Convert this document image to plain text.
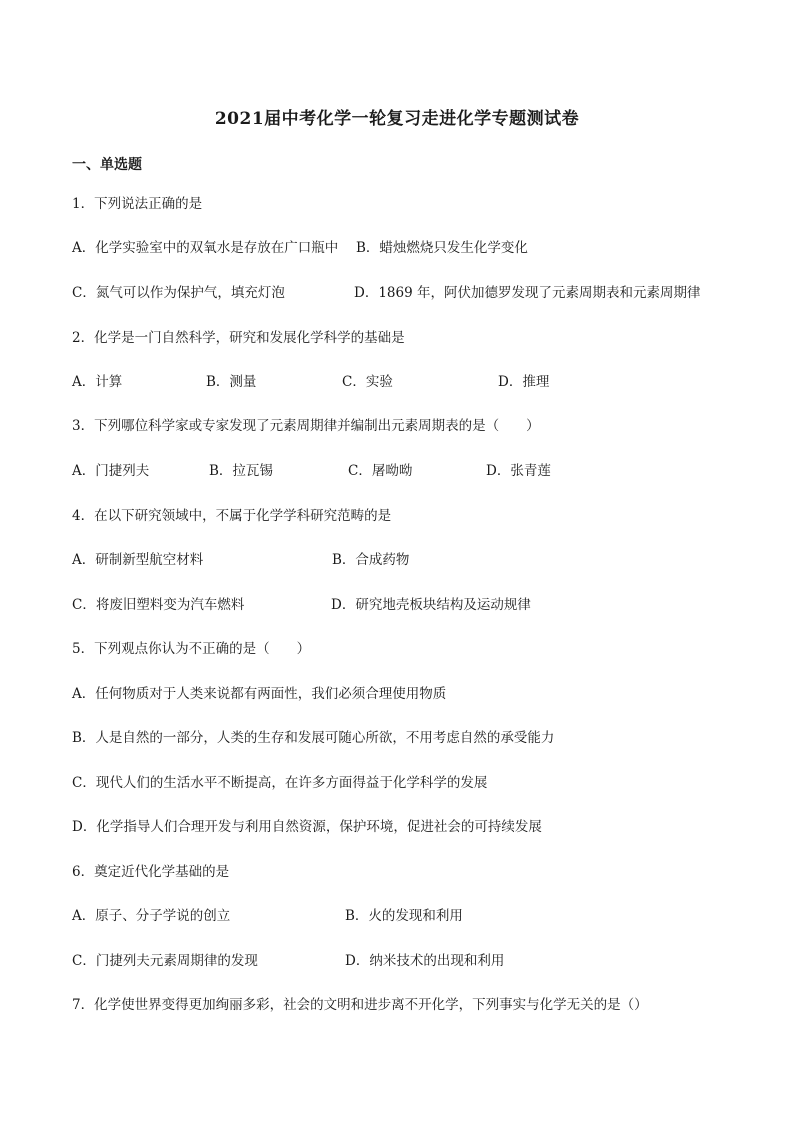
2021届中考化学一轮复习走进化学专题测试卷
一、单选题
1．下列说法正确的是
A．化学实验室中的双氧水是存放在广口瓶中 B．蜡烛燃烧只发生化学变化
C．氮气可以作为保护气，填充灯泡	D．1869 年，阿伏加德罗发现了元素周期表和元素周期律
2．化学是一门自然科学，研究和发展化学科学的基础是
A．计算	B．测量	C．实验	D．推理
3．下列哪位科学家或专家发现了元素周期律并编制出元素周期表的是（　　）
A．门捷列夫	B．拉瓦锡	C．屠呦呦	D．张青莲
4．在以下研究领域中，不属于化学学科研究范畴的是
A．研制新型航空材料	B．合成药物
C．将废旧塑料变为汽车燃料	D．研究地壳板块结构及运动规律
5．下列观点你认为不正确的是（　　）
A．任何物质对于人类来说都有两面性，我们必须合理使用物质
B．人是自然的一部分，人类的生存和发展可随心所欲，不用考虑自然的承受能力
C．现代人们的生活水平不断提高，在许多方面得益于化学科学的发展
D．化学指导人们合理开发与利用自然资源，保护环境，促进社会的可持续发展
6．奠定近代化学基础的是
A．原子、分子学说的创立	B．火的发现和利用
C．门捷列夫元素周期律的发现	D．纳米技术的出现和利用
7．化学使世界变得更加绚丽多彩，社会的文明和进步离不开化学，下列事实与化学无关的是（）
